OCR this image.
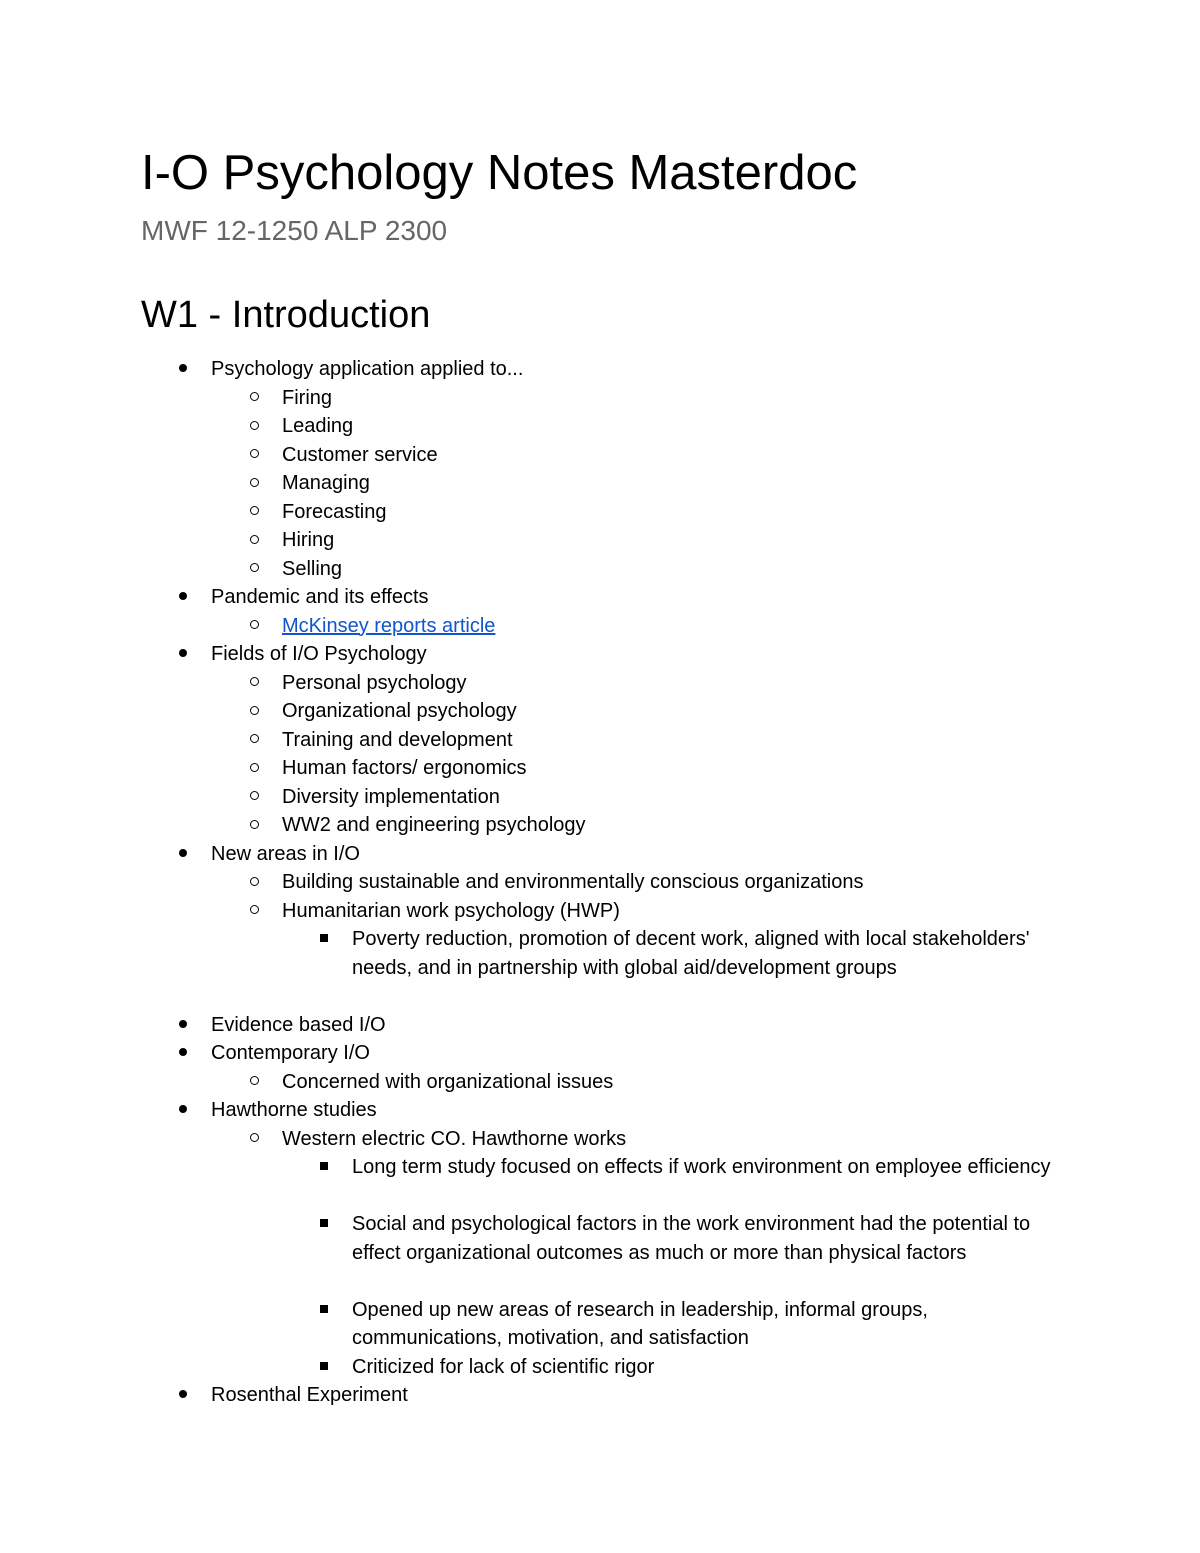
I-O Psychology Notes Masterdoc
MWF 12-1250 ALP 2300
W1 - Introduction
Psychology application applied to...
Firing
Leading
Customer service
Managing
Forecasting
Hiring
Selling
Pandemic and its effects
McKinsey reports article
Fields of I/O Psychology
Personal psychology
Organizational psychology
Training and development
Human factors/ ergonomics
Diversity implementation
WW2 and engineering psychology
New areas in I/O
Building sustainable and environmentally conscious organizations
Humanitarian work psychology (HWP)
Poverty reduction, promotion of decent work, aligned with local stakeholders' needs, and in partnership with global aid/development groups
Evidence based I/O
Contemporary I/O
Concerned with organizational issues
Hawthorne studies
Western electric CO. Hawthorne works
Long term study focused on effects if work environment on employee efficiency
Social and psychological factors in the work environment had the potential to effect organizational outcomes as much or more than physical factors
Opened up new areas of research in leadership, informal groups, communications, motivation, and satisfaction
Criticized for lack of scientific rigor
Rosenthal Experiment
